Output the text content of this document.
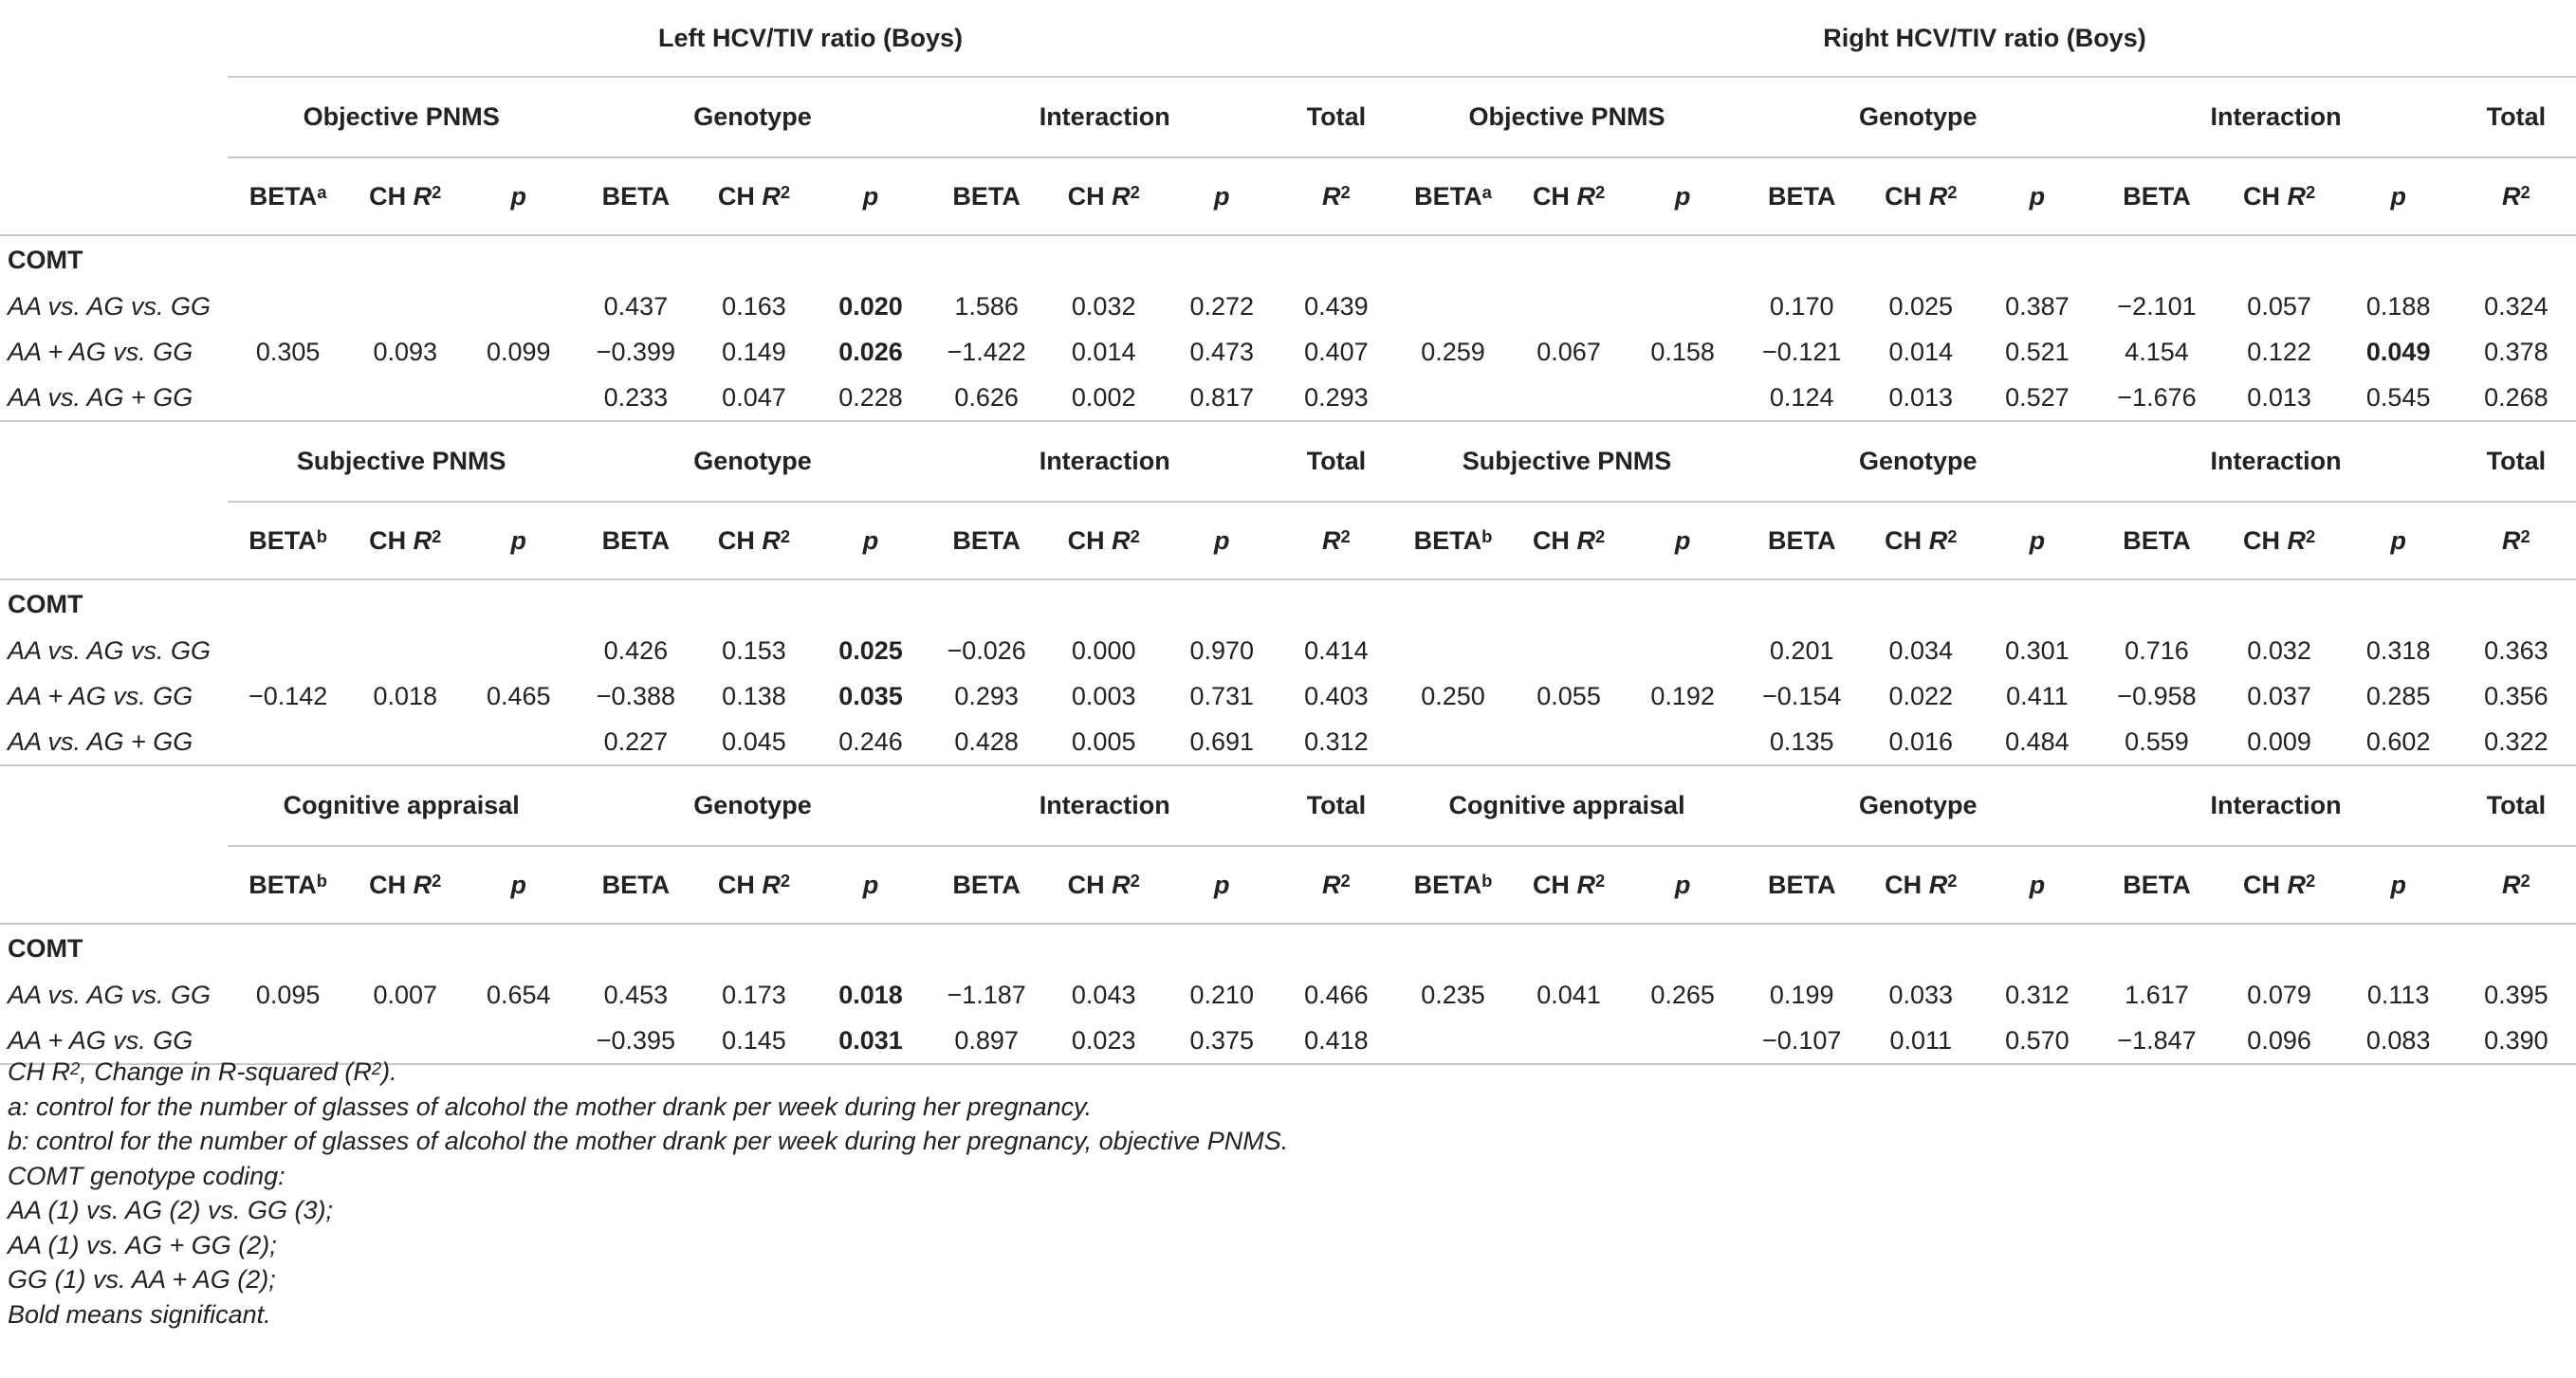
	Left HCV/TIV ratio (Boys)										Right HCV/TIV ratio (Boys)									
	Objective PNMS			Genotype			Interaction			Total	Objective PNMS			Genotype			Interaction			Total
	BETA$^a$	CH $R^2$	p	BETA	CH $R^2$	p	BETA	CH $R^2$	p	$R^2$	BETA$^a$	CH $R^2$	p	BETA	CH $R^2$	p	BETA	CH $R^2$	p	$R^2$
COMT																				
AA vs. AG vs. GG				0.437	0.163	0.020	1.586	0.032	0.272	0.439				0.170	0.025	0.387	−2.101	0.057	0.188	0.324
AA + AG vs. GG	0.305	0.093	0.099	−0.399	0.149	0.026	−1.422	0.014	0.473	0.407	0.259	0.067	0.158	−0.121	0.014	0.521	4.154	0.122	0.049	0.378
AA vs. AG + GG				0.233	0.047	0.228	0.626	0.002	0.817	0.293				0.124	0.013	0.527	−1.676	0.013	0.545	0.268
	Subjective PNMS			Genotype			Interaction			Total	Subjective PNMS			Genotype			Interaction			Total
	BETA$^b$	CH $R^2$	p	BETA	CH $R^2$	p	BETA	CH $R^2$	p	$R^2$	BETA$^b$	CH $R^2$	p	BETA	CH $R^2$	p	BETA	CH $R^2$	p	$R^2$
COMT																				
AA vs. AG vs. GG				0.426	0.153	0.025	−0.026	0.000	0.970	0.414				0.201	0.034	0.301	0.716	0.032	0.318	0.363
AA + AG vs. GG	−0.142	0.018	0.465	−0.388	0.138	0.035	0.293	0.003	0.731	0.403	0.250	0.055	0.192	−0.154	0.022	0.411	−0.958	0.037	0.285	0.356
AA vs. AG + GG				0.227	0.045	0.246	0.428	0.005	0.691	0.312				0.135	0.016	0.484	0.559	0.009	0.602	0.322
	Cognitive appraisal			Genotype			Interaction			Total	Cognitive appraisal			Genotype			Interaction			Total
	BETA$^b$	CH $R^2$	p	BETA	CH $R^2$	p	BETA	CH $R^2$	p	$R^2$	BETA$^b$	CH $R^2$	p	BETA	CH $R^2$	p	BETA	CH $R^2$	p	$R^2$
COMT																				
AA vs. AG vs. GG	0.095	0.007	0.654	0.453	0.173	0.018	−1.187	0.043	0.210	0.466	0.235	0.041	0.265	0.199	0.033	0.312	1.617	0.079	0.113	0.395
AA + AG vs. GG				−0.395	0.145	0.031	0.897	0.023	0.375	0.418				−0.107	0.011	0.570	−1.847	0.096	0.083	0.390
CH $R^2$, Change in R-squared $(R^2)$.
a: control for the number of glasses of alcohol the mother drank per week during her pregnancy.
b: control for the number of glasses of alcohol the mother drank per week during her pregnancy, objective PNMS.
COMT genotype coding:
AA (1) vs. AG (2) vs. GG (3);
AA (1) vs. AG + GG (2);
GG (1) vs. AA + AG (2);
Bold means significant.
